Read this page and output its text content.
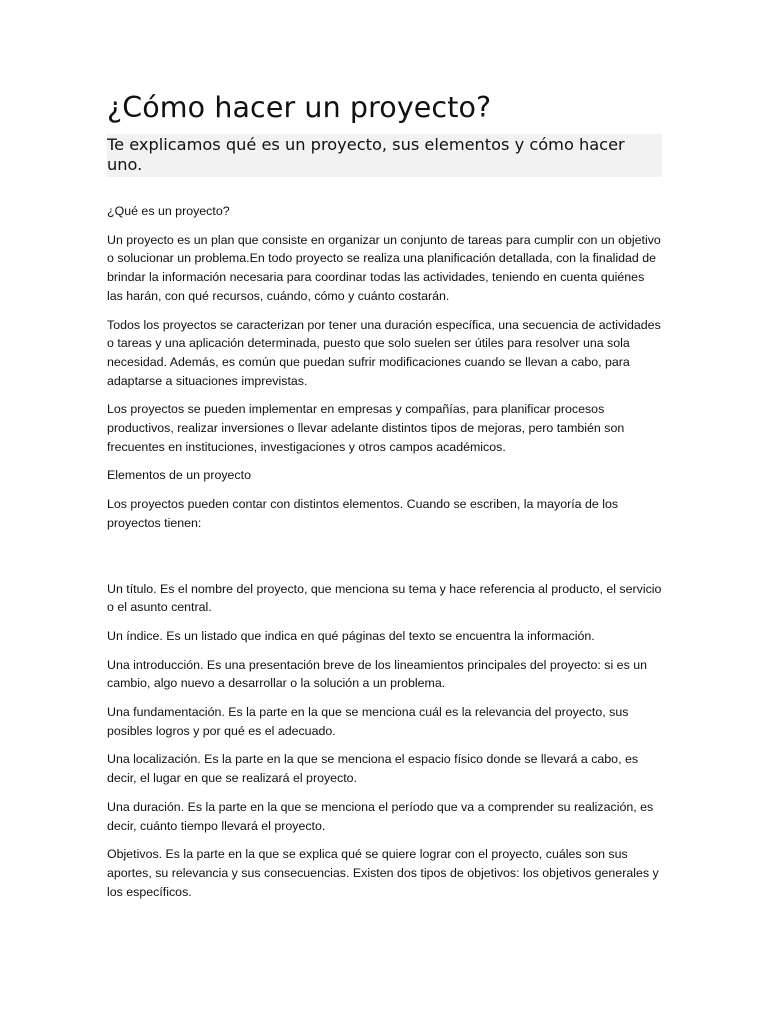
¿Cómo hacer un proyecto?
Te explicamos qué es un proyecto, sus elementos y cómo hacer uno.

¿Qué es un proyecto?

Un proyecto es un plan que consiste en organizar un conjunto de tareas para cumplir con un objetivo o solucionar un problema.En todo proyecto se realiza una planificación detallada, con la finalidad de brindar la información necesaria para coordinar todas las actividades, teniendo en cuenta quiénes las harán, con qué recursos, cuándo, cómo y cuánto costarán.

Todos los proyectos se caracterizan por tener una duración específica, una secuencia de actividades o tareas y una aplicación determinada, puesto que solo suelen ser útiles para resolver una sola necesidad. Además, es común que puedan sufrir modificaciones cuando se llevan a cabo, para adaptarse a situaciones imprevistas.

Los proyectos se pueden implementar en empresas y compañías, para planificar procesos productivos, realizar inversiones o llevar adelante distintos tipos de mejoras, pero también son frecuentes en instituciones, investigaciones y otros campos académicos.

Elementos de un proyecto

Los proyectos pueden contar con distintos elementos. Cuando se escriben, la mayoría de los proyectos tienen:

Un título. Es el nombre del proyecto, que menciona su tema y hace referencia al producto, el servicio o el asunto central.

Un índice. Es un listado que indica en qué páginas del texto se encuentra la información.

Una introducción. Es una presentación breve de los lineamientos principales del proyecto: si es un cambio, algo nuevo a desarrollar o la solución a un problema.

Una fundamentación. Es la parte en la que se menciona cuál es la relevancia del proyecto, sus posibles logros y por qué es el adecuado.

Una localización. Es la parte en la que se menciona el espacio físico donde se llevará a cabo, es decir, el lugar en que se realizará el proyecto.

Una duración. Es la parte en la que se menciona el período que va a comprender su realización, es decir, cuánto tiempo llevará el proyecto.

Objetivos. Es la parte en la que se explica qué se quiere lograr con el proyecto, cuáles son sus aportes, su relevancia y sus consecuencias. Existen dos tipos de objetivos: los objetivos generales y los específicos.
